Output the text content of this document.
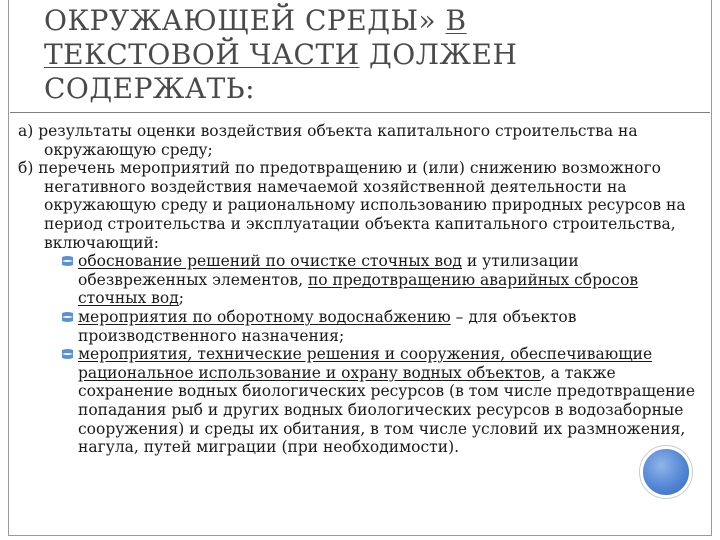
ОКРУЖАЮЩЕЙ СРЕДЫ» В
ТЕКСТОВОЙ ЧАСТИ ДОЛЖЕН
СОДЕРЖАТЬ:

а) результаты оценки воздействия объекта капитального строительства на окружающую среду;

б) перечень мероприятий по предотвращению и (или) снижению возможного негативного воздействия намечаемой хозяйственной деятельности на окружающую среду и рациональному использованию природных ресурсов на период строительства и эксплуатации объекта капитального строительства, включающий:

обоснование решений по очистке сточных вод и утилизации обезвреженных элементов, по предотвращению аварийных сбросов сточных вод;
мероприятия по оборотному водоснабжению – для объектов производственного назначения;
мероприятия, технические решения и сооружения, обеспечивающие рациональное использование и охрану водных объектов, а также сохранение водных биологических ресурсов (в том числе предотвращение попадания рыб и других водных биологических ресурсов в водозаборные сооружения) и среды их обитания, в том числе условий их размножения, нагула, путей миграции (при необходимости).
